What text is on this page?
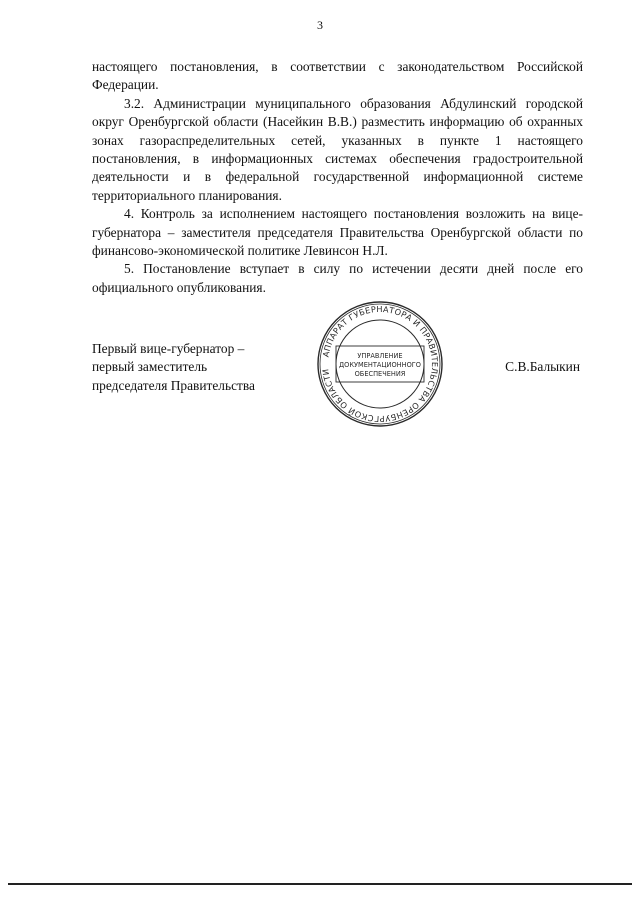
3

настоящего постановления, в соответствии с законодательством Российской Федерации.

3.2. Администрации муниципального образования Абдулинский городской округ Оренбургской области (Насейкин В.В.) разместить информацию об охранных зонах газораспределительных сетей, указанных в пункте 1 настоящего постановления, в информационных системах обеспечения градостроительной деятельности и в федеральной государственной информационной системе территориального планирования.

4. Контроль за исполнением настоящего постановления возложить на вице-губернатора – заместителя председателя Правительства Оренбургской области по финансово-экономической политике Левинсон Н.Л.

5. Постановление вступает в силу по истечении десяти дней после его официального опубликования.

Первый вице-губернатор –
первый заместитель
председателя Правительства
АППАРАТ ГУБЕРНАТОРА И ПРАВИТЕЛЬСТВА ОРЕНБУРГСКОЙ ОБЛАСТИ
УПРАВЛЕНИЕ
ДОКУМЕНТАЦИОННОГО
ОБЕСПЕЧЕНИЯ	С.В.Балыкин
